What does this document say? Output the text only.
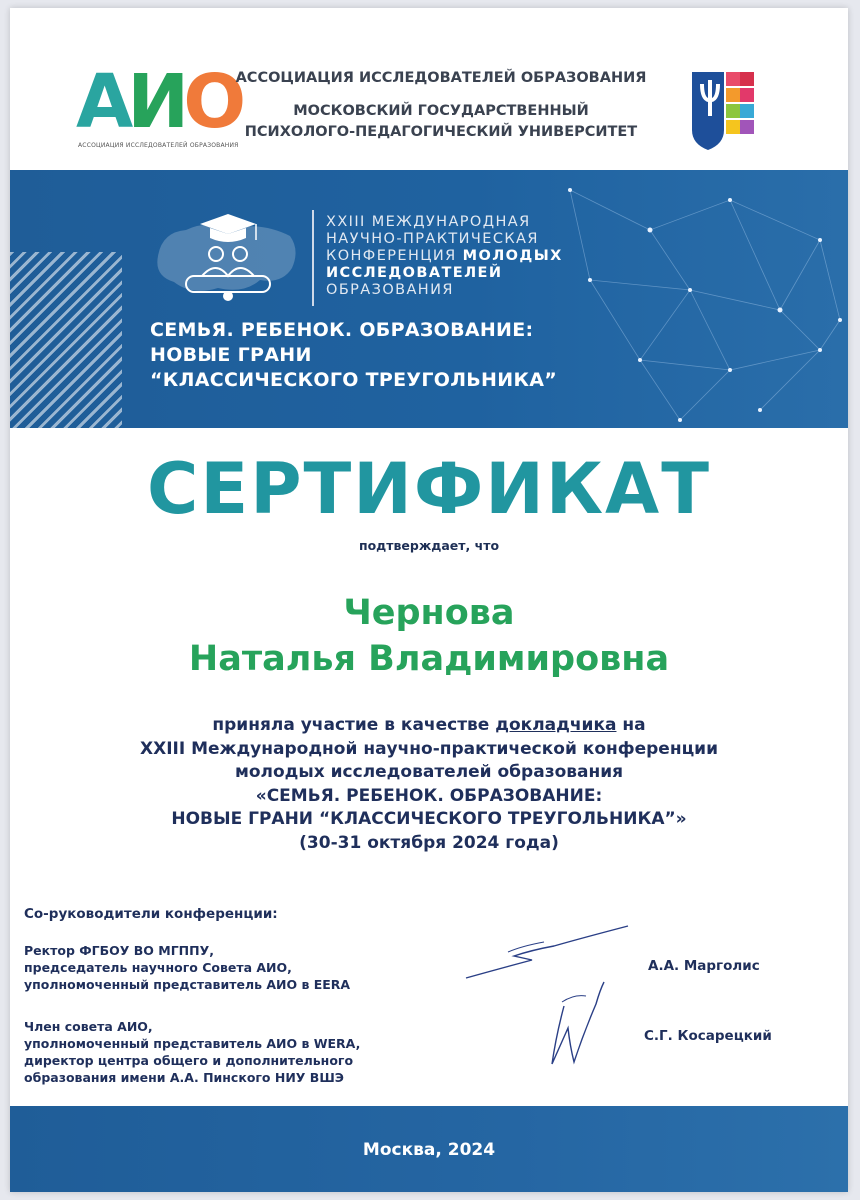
АИО
АССОЦИАЦИЯ ИССЛЕДОВАТЕЛЕЙ ОБРАЗОВАНИЯ
АССОЦИАЦИЯ ИССЛЕДОВАТЕЛЕЙ ОБРАЗОВАНИЯ
МОСКОВСКИЙ ГОСУДАРСТВЕННЫЙ
ПСИХОЛОГО-ПЕДАГОГИЧЕСКИЙ УНИВЕРСИТЕТ
XXIII МЕЖДУНАРОДНАЯ
НАУЧНО-ПРАКТИЧЕСКАЯ
КОНФЕРЕНЦИЯ МОЛОДЫХ
ИССЛЕДОВАТЕЛЕЙ
ОБРАЗОВАНИЯ
СЕМЬЯ. РЕБЕНОК. ОБРАЗОВАНИЕ:
НОВЫЕ ГРАНИ
“КЛАССИЧЕСКОГО ТРЕУГОЛЬНИКА”
СЕРТИФИКАТ
подтверждает, что
Чернова
Наталья Владимировна
приняла участие в качестве докладчика на
XXIII Международной научно-практической конференции
молодых исследователей образования
«СЕМЬЯ. РЕБЕНОК. ОБРАЗОВАНИЕ:
НОВЫЕ ГРАНИ “КЛАССИЧЕСКОГО ТРЕУГОЛЬНИКА”»
(30-31 октября 2024 года)
Со-руководители конференции:
Ректор ФГБОУ ВО МГППУ,
председатель научного Совета АИО,
уполномоченный представитель АИО в EERA
А.А. Марголис
Член совета АИО,
уполномоченный представитель АИО в WERA,
директор центра общего и дополнительного
образования имени А.А. Пинского НИУ ВШЭ
С.Г. Косарецкий
Москва, 2024
